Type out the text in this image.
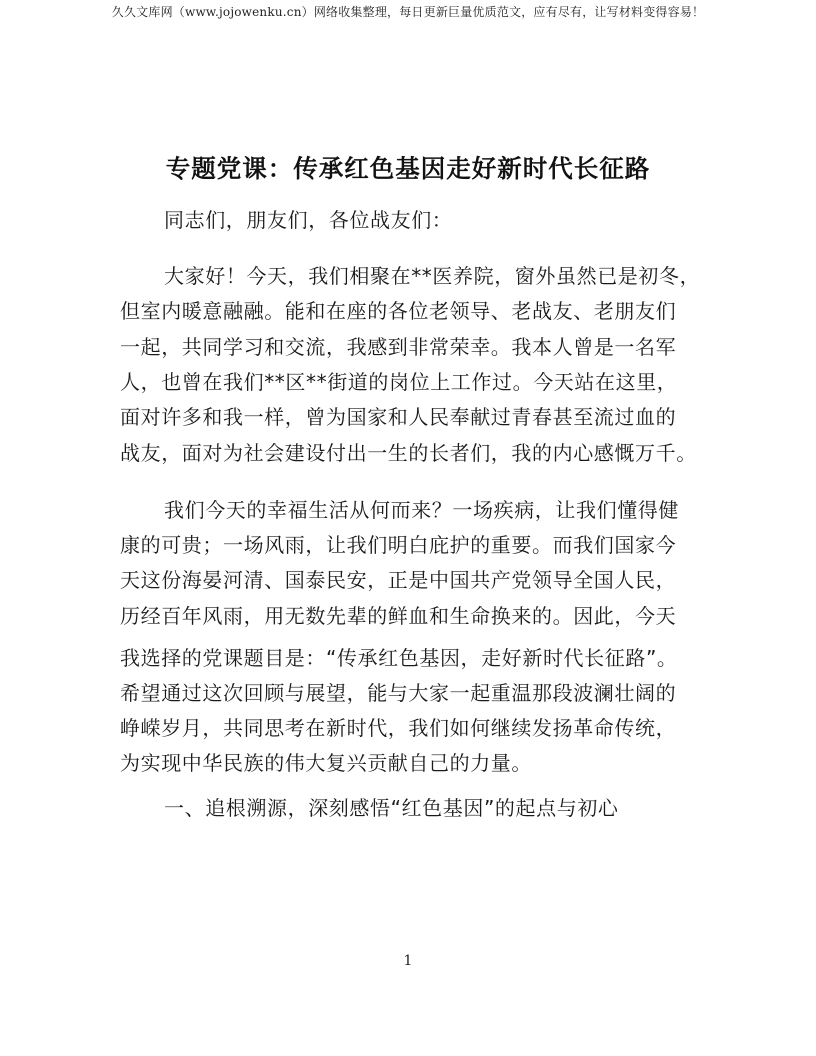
久久文库网（www.jojowenku.cn）网络收集整理，每日更新巨量优质范文，应有尽有，让写材料变得容易！
专题党课：传承红色基因走好新时代长征路
同志们，朋友们，各位战友们：
大家好！今天，我们相聚在**医养院，窗外虽然已是初冬，
但室内暖意融融。能和在座的各位老领导、老战友、老朋友们
一起，共同学习和交流，我感到非常荣幸。我本人曾是一名军
人，也曾在我们**区**街道的岗位上工作过。今天站在这里，
面对许多和我一样，曾为国家和人民奉献过青春甚至流过血的
战友，面对为社会建设付出一生的长者们，我的内心感慨万千。
我们今天的幸福生活从何而来？一场疾病，让我们懂得健
康的可贵；一场风雨，让我们明白庇护的重要。而我们国家今
天这份海晏河清、国泰民安，正是中国共产党领导全国人民，
历经百年风雨，用无数先辈的鲜血和生命换来的。因此，今天
我选择的党课题目是：“传承红色基因，走好新时代长征路”。
希望通过这次回顾与展望，能与大家一起重温那段波澜壮阔的
峥嵘岁月，共同思考在新时代，我们如何继续发扬革命传统，
为实现中华民族的伟大复兴贡献自己的力量。
一、追根溯源，深刻感悟“红色基因”的起点与初心
1
